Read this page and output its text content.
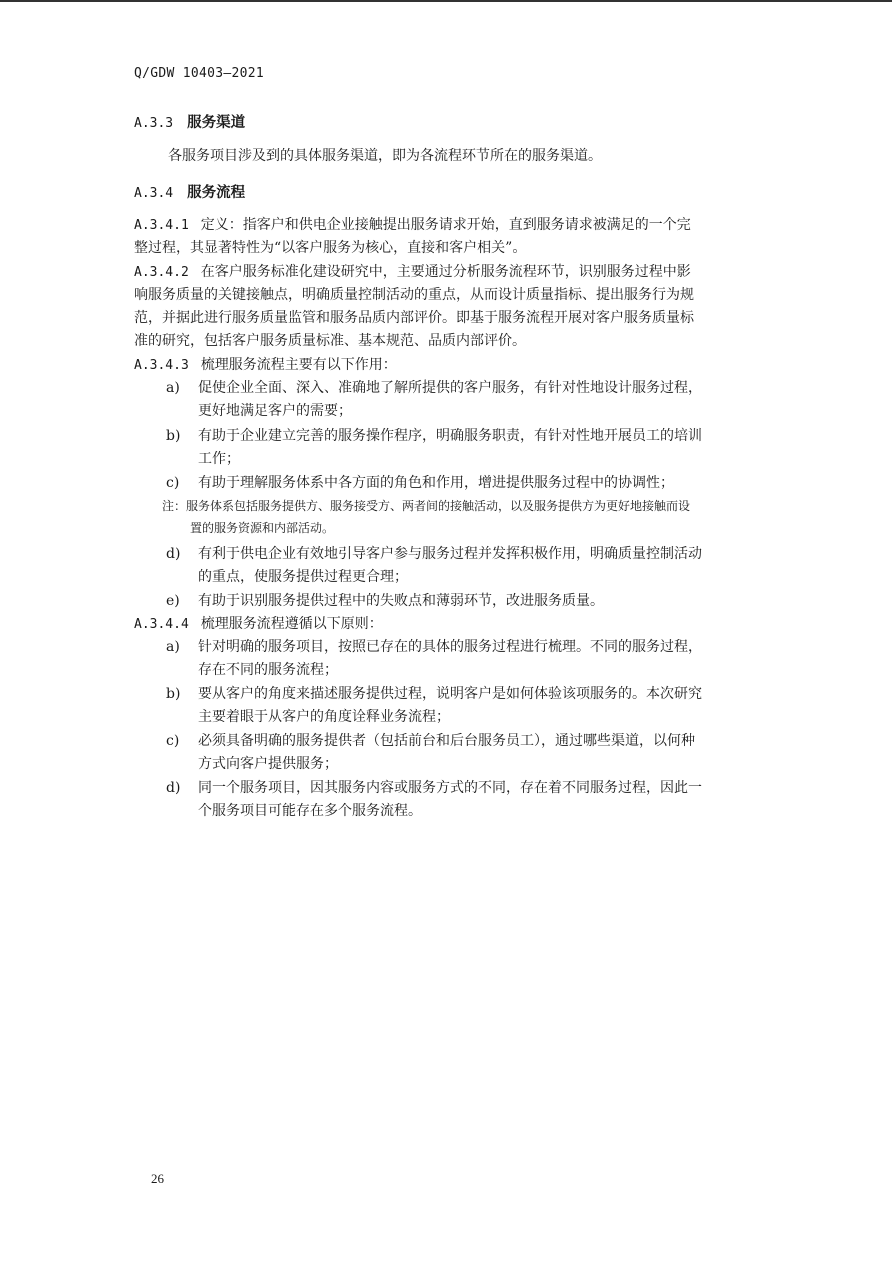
Q/GDW 10403—2021
A.3.3 服务渠道
各服务项目涉及到的具体服务渠道，即为各流程环节所在的服务渠道。
A.3.4 服务流程
A.3.4.1 定义：指客户和供电企业接触提出服务请求开始，直到服务请求被满足的一个完
整过程，其显著特性为“以客户服务为核心，直接和客户相关”。
A.3.4.2 在客户服务标准化建设研究中，主要通过分析服务流程环节，识别服务过程中影
响服务质量的关键接触点，明确质量控制活动的重点，从而设计质量指标、提出服务行为规
范，并据此进行服务质量监管和服务品质内部评价。即基于服务流程开展对客户服务质量标
准的研究，包括客户服务质量标准、基本规范、品质内部评价。
A.3.4.3 梳理服务流程主要有以下作用：
a) 促使企业全面、深入、准确地了解所提供的客户服务，有针对性地设计服务过程，
更好地满足客户的需要；
b) 有助于企业建立完善的服务操作程序，明确服务职责，有针对性地开展员工的培训
工作；
c) 有助于理解服务体系中各方面的角色和作用，增进提供服务过程中的协调性；
注：服务体系包括服务提供方、服务接受方、两者间的接触活动，以及服务提供方为更好地接触而设
置的服务资源和内部活动。
d) 有利于供电企业有效地引导客户参与服务过程并发挥积极作用，明确质量控制活动
的重点，使服务提供过程更合理；
e) 有助于识别服务提供过程中的失败点和薄弱环节，改进服务质量。
A.3.4.4 梳理服务流程遵循以下原则：
a) 针对明确的服务项目，按照已存在的具体的服务过程进行梳理。不同的服务过程，
存在不同的服务流程；
b) 要从客户的角度来描述服务提供过程，说明客户是如何体验该项服务的。本次研究
主要着眼于从客户的角度诠释业务流程；
c) 必须具备明确的服务提供者（包括前台和后台服务员工），通过哪些渠道，以何种
方式向客户提供服务；
d) 同一个服务项目，因其服务内容或服务方式的不同，存在着不同服务过程，因此一
个服务项目可能存在多个服务流程。
26
